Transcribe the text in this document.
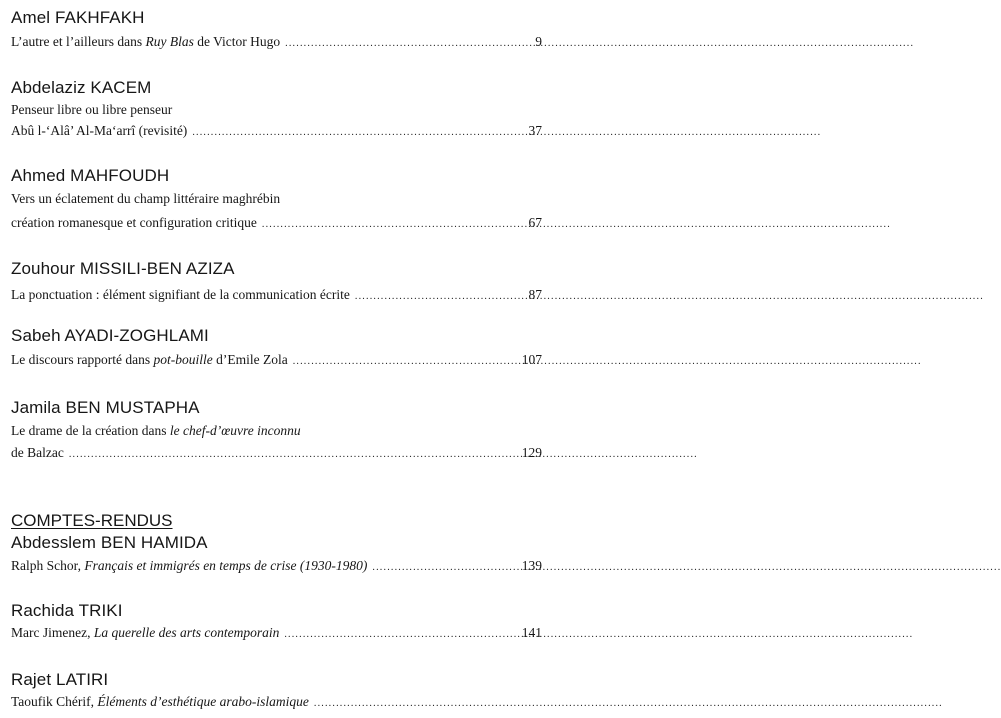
Amel FAKHFAKH
L’autre et l’ailleurs dans Ruy Blas de Victor Hugo .....	9
Abdelaziz KACEM
Penseur libre ou libre penseur
Abû l-‘Alâ’ Al-Ma‘arrî (revisité) .....	37
Ahmed MAHFOUDH
Vers un éclatement du champ littéraire maghrébin
création romanesque et configuration critique .....	67
Zouhour MISSILI-BEN AZIZA
La ponctuation : élément signifiant de la communication écrite .....	87
Sabeh AYADI-ZOGHLAMI
Le discours rapporté dans pot-bouille d’Emile Zola .....	107
Jamila BEN MUSTAPHA
Le drame de la création dans le chef-d’œuvre inconnu
de Balzac .....	129
COMPTES-RENDUS
Abdesslem BEN HAMIDA
Ralph Schor, Français et immigrés en temps de crise (1930-1980) .....	139
Rachida TRIKI
Marc Jimenez, La querelle des arts contemporain .....	141
Rajet LATIRI
Taoufik Chérif, Éléments d’esthétique arabo-islamique
.....
